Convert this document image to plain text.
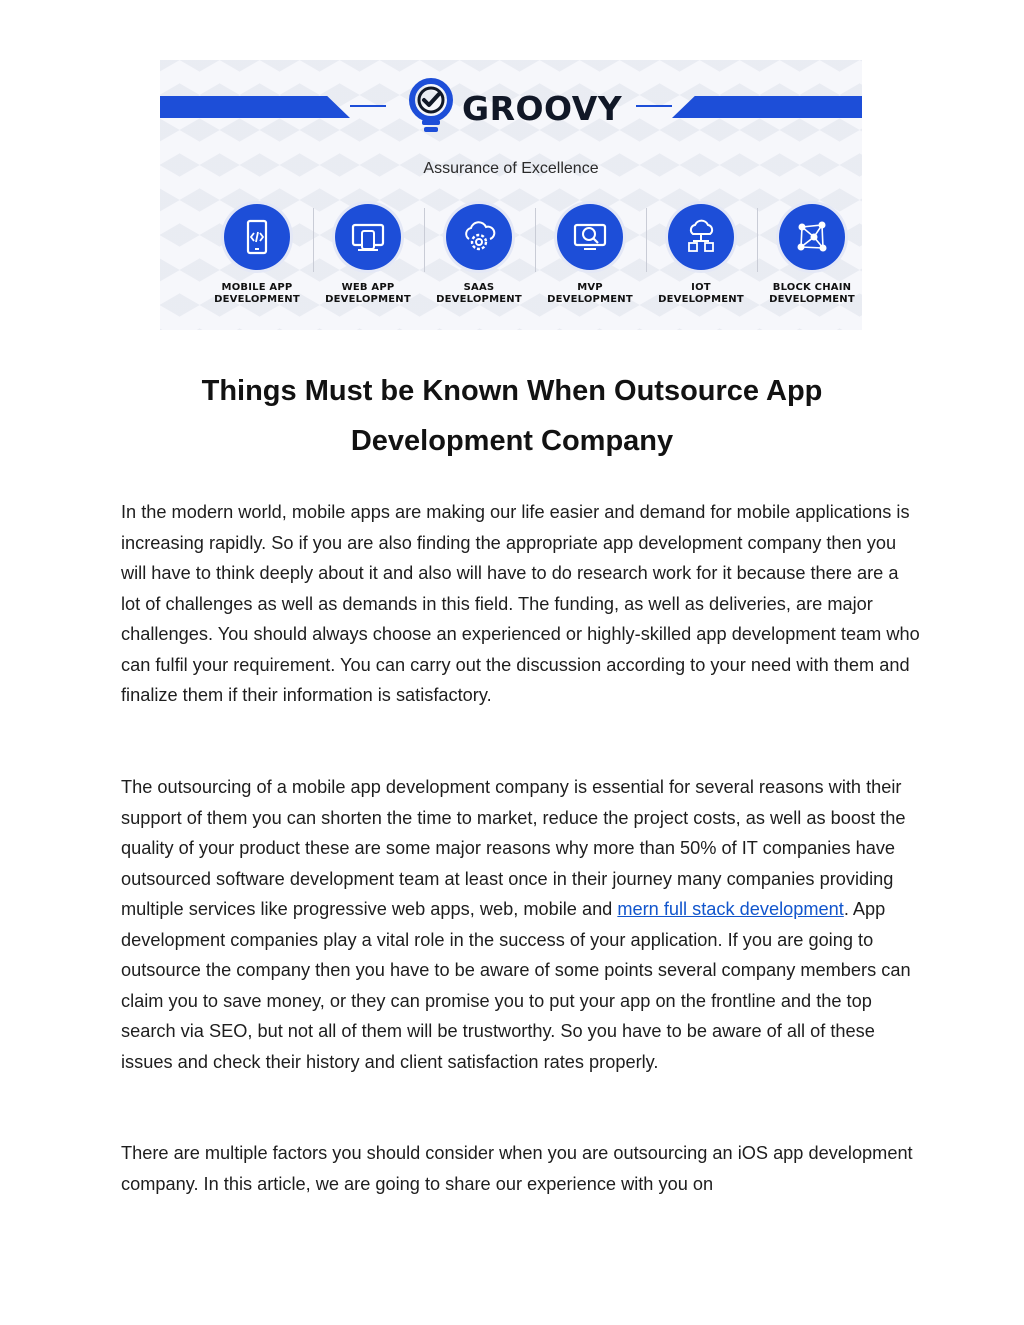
GROOVY
Assurance of Excellence
MOBILE APP
DEVELOPMENT
WEB APP
DEVELOPMENT
SAAS
DEVELOPMENT
MVP
DEVELOPMENT
IOT
DEVELOPMENT
BLOCK CHAIN
DEVELOPMENT
Things Must be Known When Outsource App
Development Company

In the modern world, mobile apps are making our life easier and demand for mobile applications is increasing rapidly. So if you are also finding the appropriate app development company then you will have to think deeply about it and also will have to do research work for it because there are a lot of challenges as well as demands in this field. The funding, as well as deliveries, are major challenges. You should always choose an experienced or highly-skilled app development team who can fulfil your requirement. You can carry out the discussion according to your need with them and finalize them if their information is satisfactory.

The outsourcing of a mobile app development company is essential for several reasons with their support of them you can shorten the time to market, reduce the project costs, as well as boost the quality of your product these are some major reasons why more than 50% of IT companies have outsourced software development team at least once in their journey many companies providing multiple services like progressive web apps, web, mobile and mern full stack development. App development companies play a vital role in the success of your application. If you are going to outsource the company then you have to be aware of some points several company members can claim you to save money, or they can promise you to put your app on the frontline and the top search via SEO, but not all of them will be trustworthy. So you have to be aware of all of these issues and check their history and client satisfaction rates properly.

There are multiple factors you should consider when you are outsourcing an iOS app development company. In this article, we are going to share our experience with you on
